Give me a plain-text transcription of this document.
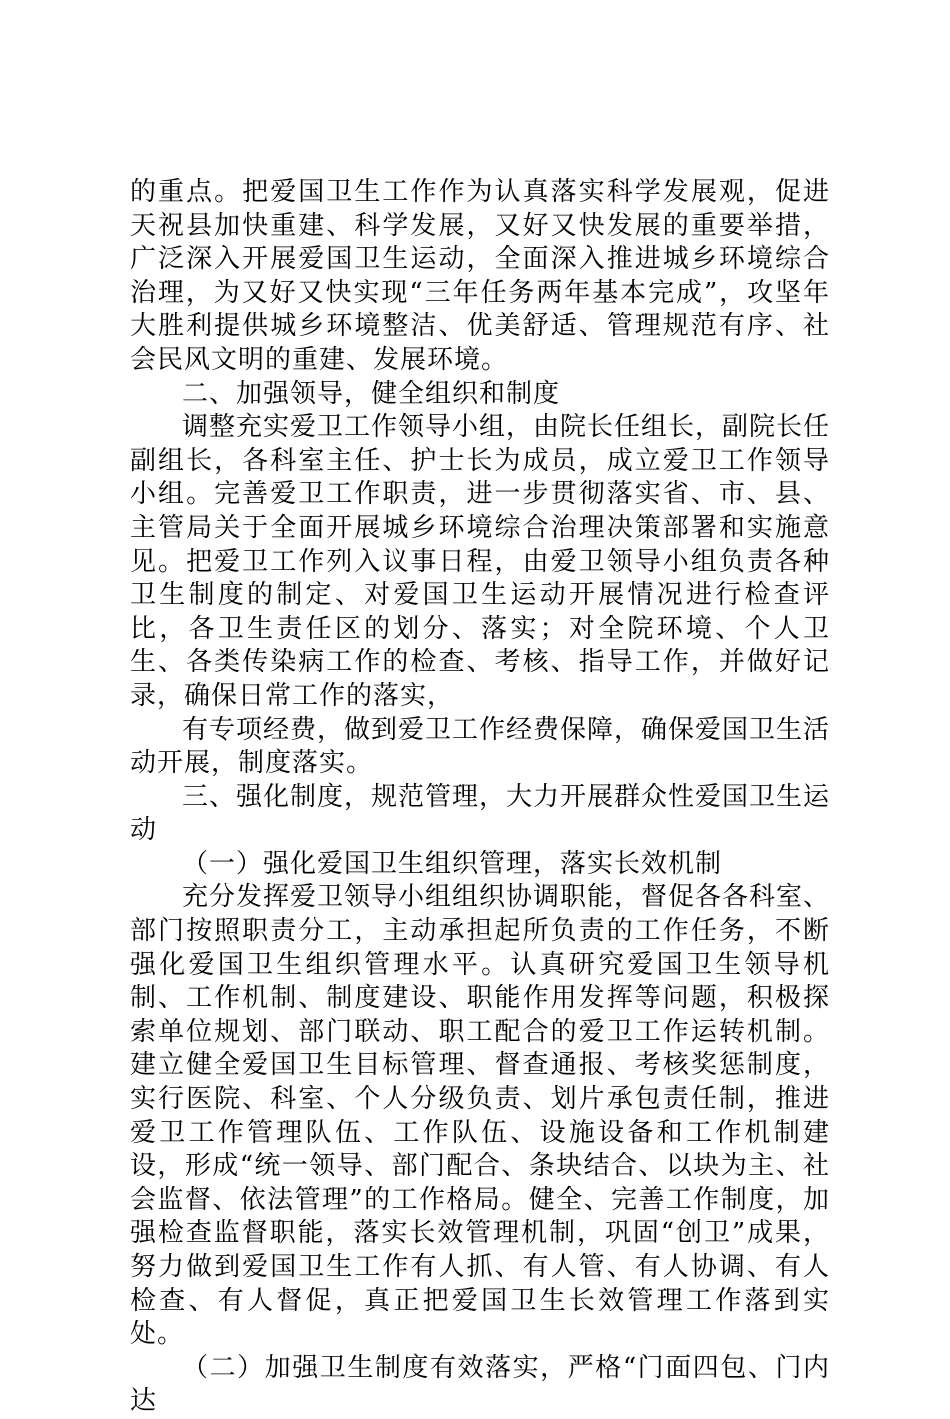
的重点。把爱国卫生工作作为认真落实科学发展观，促进天祝县加快重建、科学发展，又好又快发展的重要举措，广泛深入开展爱国卫生运动，全面深入推进城乡环境综合治理，为又好又快实现“三年任务两年基本完成”，攻坚年大胜利提供城乡环境整洁、优美舒适、管理规范有序、社会民风文明的重建、发展环境。

二、加强领导，健全组织和制度

调整充实爱卫工作领导小组，由院长任组长，副院长任副组长，各科室主任、护士长为成员，成立爱卫工作领导小组。完善爱卫工作职责，进一步贯彻落实省、市、县、主管局关于全面开展城乡环境综合治理决策部署和实施意见。把爱卫工作列入议事日程，由爱卫领导小组负责各种卫生制度的制定、对爱国卫生运动开展情况进行检查评比，各卫生责任区的划分、落实；对全院环境、个人卫生、各类传染病工作的检查、考核、指导工作，并做好记录，确保日常工作的落实，

有专项经费，做到爱卫工作经费保障，确保爱国卫生活动开展，制度落实。

三、强化制度，规范管理，大力开展群众性爱国卫生运动

（一）强化爱国卫生组织管理，落实长效机制

充分发挥爱卫领导小组组织协调职能，督促各各科室、部门按照职责分工，主动承担起所负责的工作任务，不断强化爱国卫生组织管理水平。认真研究爱国卫生领导机制、工作机制、制度建设、职能作用发挥等问题，积极探索单位规划、部门联动、职工配合的爱卫工作运转机制。建立健全爱国卫生目标管理、督查通报、考核奖惩制度，实行医院、科室、个人分级负责、划片承包责任制，推进爱卫工作管理队伍、工作队伍、设施设备和工作机制建设，形成“统一领导、部门配合、条块结合、以块为主、社会监督、依法管理”的工作格局。健全、完善工作制度，加强检查监督职能，落实长效管理机制，巩固“创卫”成果，努力做到爱国卫生工作有人抓、有人管、有人协调、有人检查、有人督促，真正把爱国卫生长效管理工作落到实处。

（二）加强卫生制度有效落实，严格“门面四包、门内达
